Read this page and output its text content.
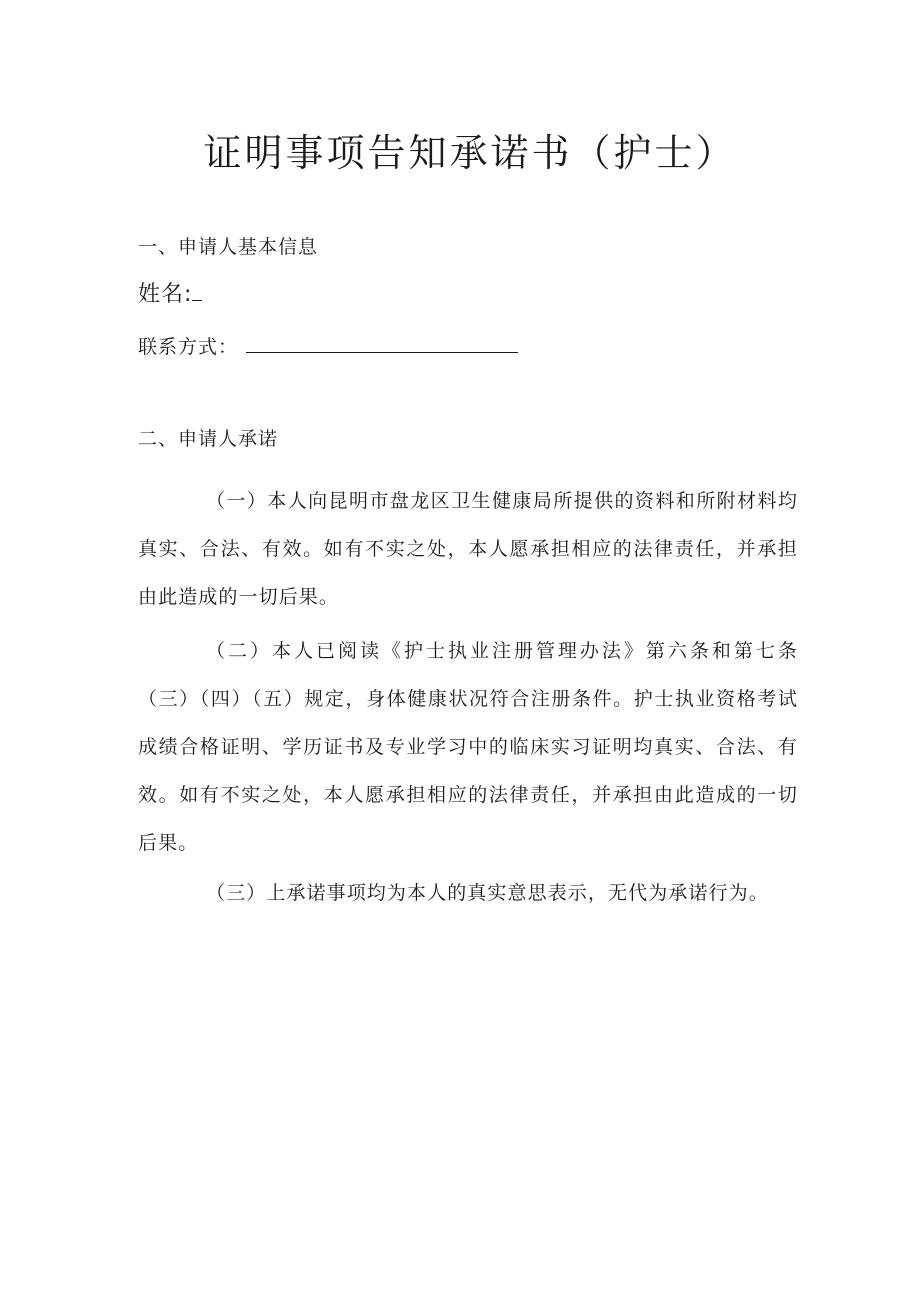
证明事项告知承诺书（护士）
一、申请人基本信息
姓名:
联系方式：
二、申请人承诺
（一）本人向昆明市盘龙区卫生健康局所提供的资料和所附材料均真实、合法、有效。如有不实之处，本人愿承担相应的法律责任，并承担由此造成的一切后果。
（二）本人已阅读《护士执业注册管理办法》第六条和第七条（三）（四）（五）规定，身体健康状况符合注册条件。护士执业资格考试成绩合格证明、学历证书及专业学习中的临床实习证明均真实、合法、有效。如有不实之处，本人愿承担相应的法律责任，并承担由此造成的一切后果。
（三）上承诺事项均为本人的真实意思表示，无代为承诺行为。
